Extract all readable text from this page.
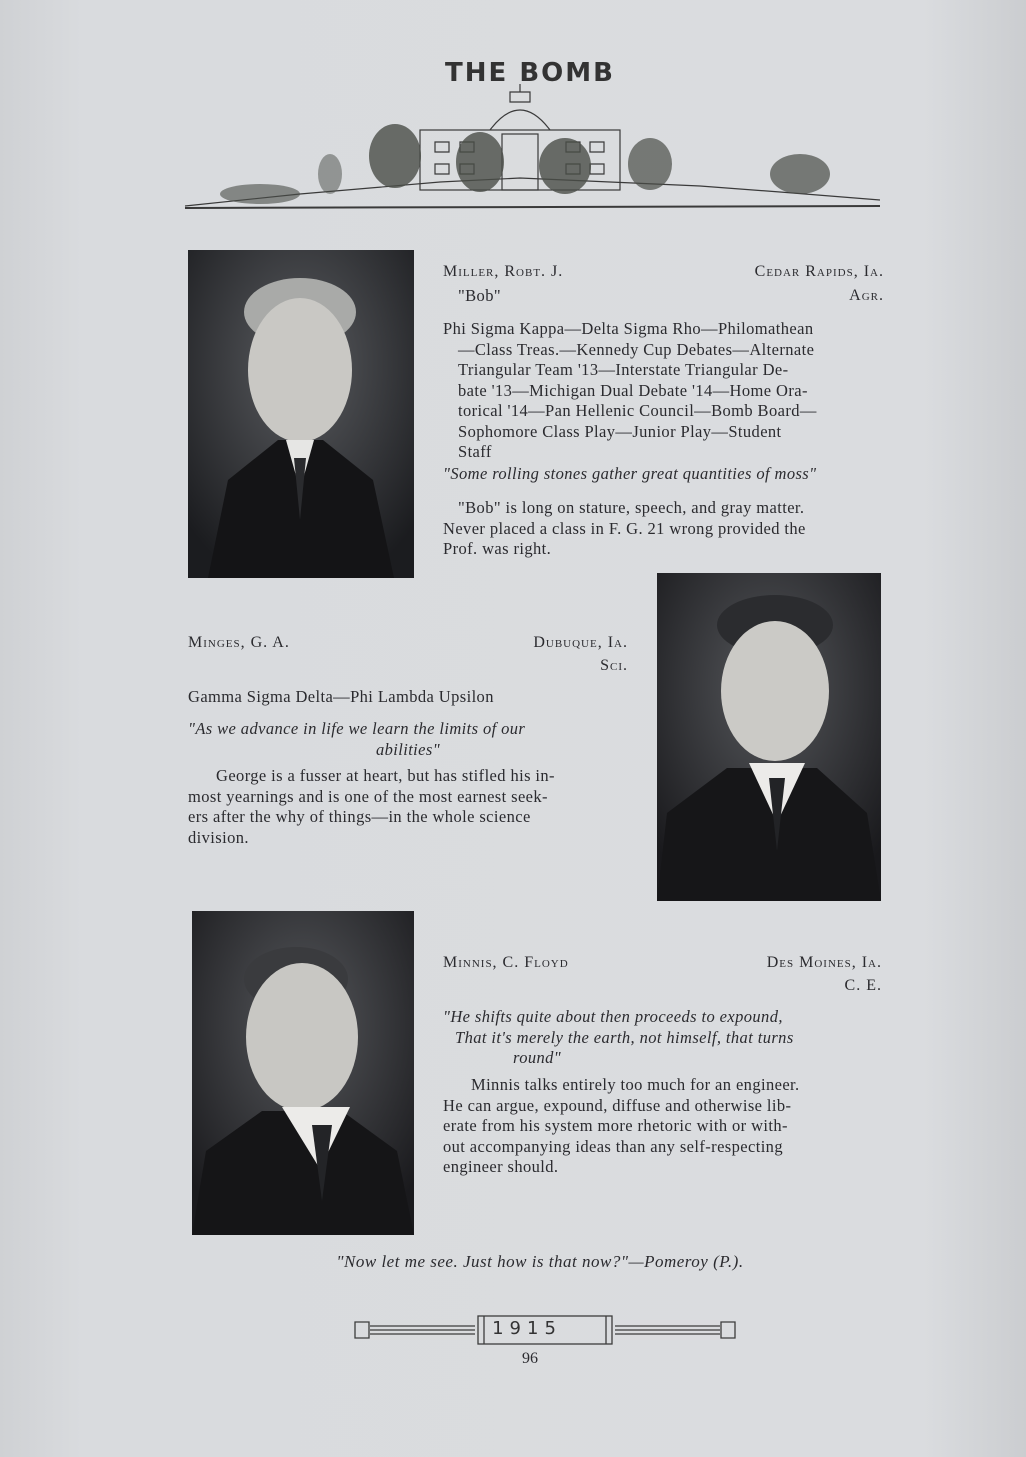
THE BOMB
Miller, Robt. J.	Cedar Rapids, Ia.
"Bob"	Agr.
Phi Sigma Kappa—Delta Sigma Rho—Philomathean
—Class Treas.—Kennedy Cup Debates—Alternate
Triangular Team '13—Interstate Triangular De-
bate '13—Michigan Dual Debate '14—Home Ora-
torical '14—Pan Hellenic Council—Bomb Board—
Sophomore Class Play—Junior Play—Student
Staff
"Some rolling stones gather great quantities of moss"
"Bob" is long on stature, speech, and gray matter.
Never placed a class in F. G. 21 wrong provided the
Prof. was right.
Minges, G. A.	Dubuque, Ia.
Sci.
Gamma Sigma Delta—Phi Lambda Upsilon
"As we advance in life we learn the limits of our
abilities"
George is a fusser at heart, but has stifled his in-
most yearnings and is one of the most earnest seek-
ers after the why of things—in the whole science
division.
Minnis, C. Floyd	Des Moines, Ia.
C. E.
"He shifts quite about then proceeds to expound,
That it's merely the earth, not himself, that turns
round"
Minnis talks entirely too much for an engineer.
He can argue, expound, diffuse and otherwise lib-
erate from his system more rhetoric with or with-
out accompanying ideas than any self-respecting
engineer should.
"Now let me see. Just how is that now?"—Pomeroy (P.).
1915
96
